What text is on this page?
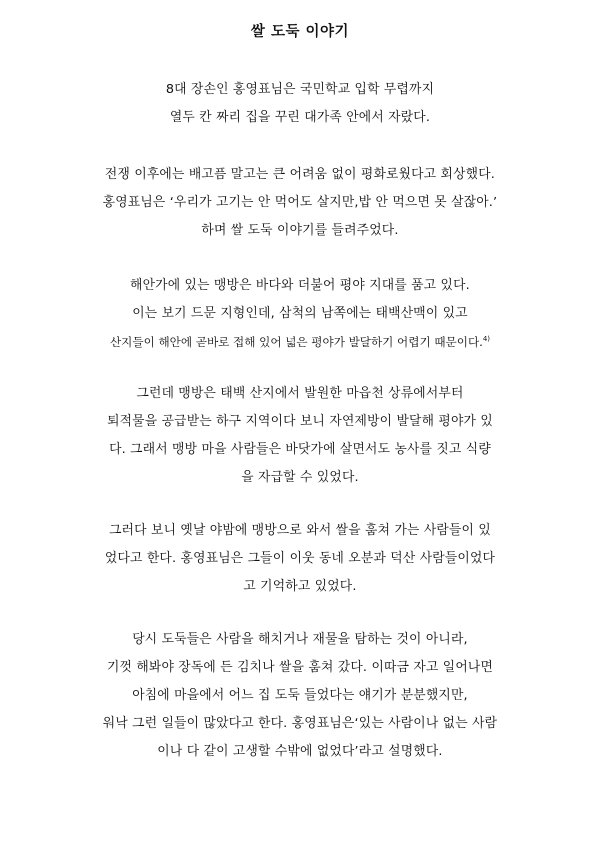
쌀 도둑 이야기
8대 장손인 홍영표님은 국민학교 입학 무렵까지
열두 칸 짜리 집을 꾸린 대가족 안에서 자랐다.
전쟁 이후에는 배고픔 말고는 큰 어려움 없이 평화로웠다고 회상했다.
홍영표님은 ‘우리가 고기는 안 먹어도 살지만,밥 안 먹으면 못 살잖아.’
하며 쌀 도둑 이야기를 들려주었다.
해안가에 있는 맹방은 바다와 더불어 평야 지대를 품고 있다.
이는 보기 드문 지형인데, 삼척의 남쪽에는 태백산맥이 있고
산지들이 해안에 곧바로 접해 있어 넓은 평야가 발달하기 어렵기 때문이다.$^{4)}$
그런데 맹방은 태백 산지에서 발원한 마읍천 상류에서부터
퇴적물을 공급받는 하구 지역이다 보니 자연제방이 발달해 평야가 있
다. 그래서 맹방 마을 사람들은 바닷가에 살면서도 농사를 짓고 식량
을 자급할 수 있었다.
그러다 보니 옛날 야밤에 맹방으로 와서 쌀을 훔쳐 가는 사람들이 있
었다고 한다. 홍영표님은 그들이 이웃 동네 오분과 덕산 사람들이었다
고 기억하고 있었다.
당시 도둑들은 사람을 해치거나 재물을 탐하는 것이 아니라,
기껏 해봐야 장독에 든 김치나 쌀을 훔쳐 갔다. 이따금 자고 일어나면
아침에 마을에서 어느 집 도둑 들었다는 얘기가 분분했지만,
워낙 그런 일들이 많았다고 한다. 홍영표님은‘있는 사람이나 없는 사람
이나 다 같이 고생할 수밖에 없었다’라고 설명했다.
